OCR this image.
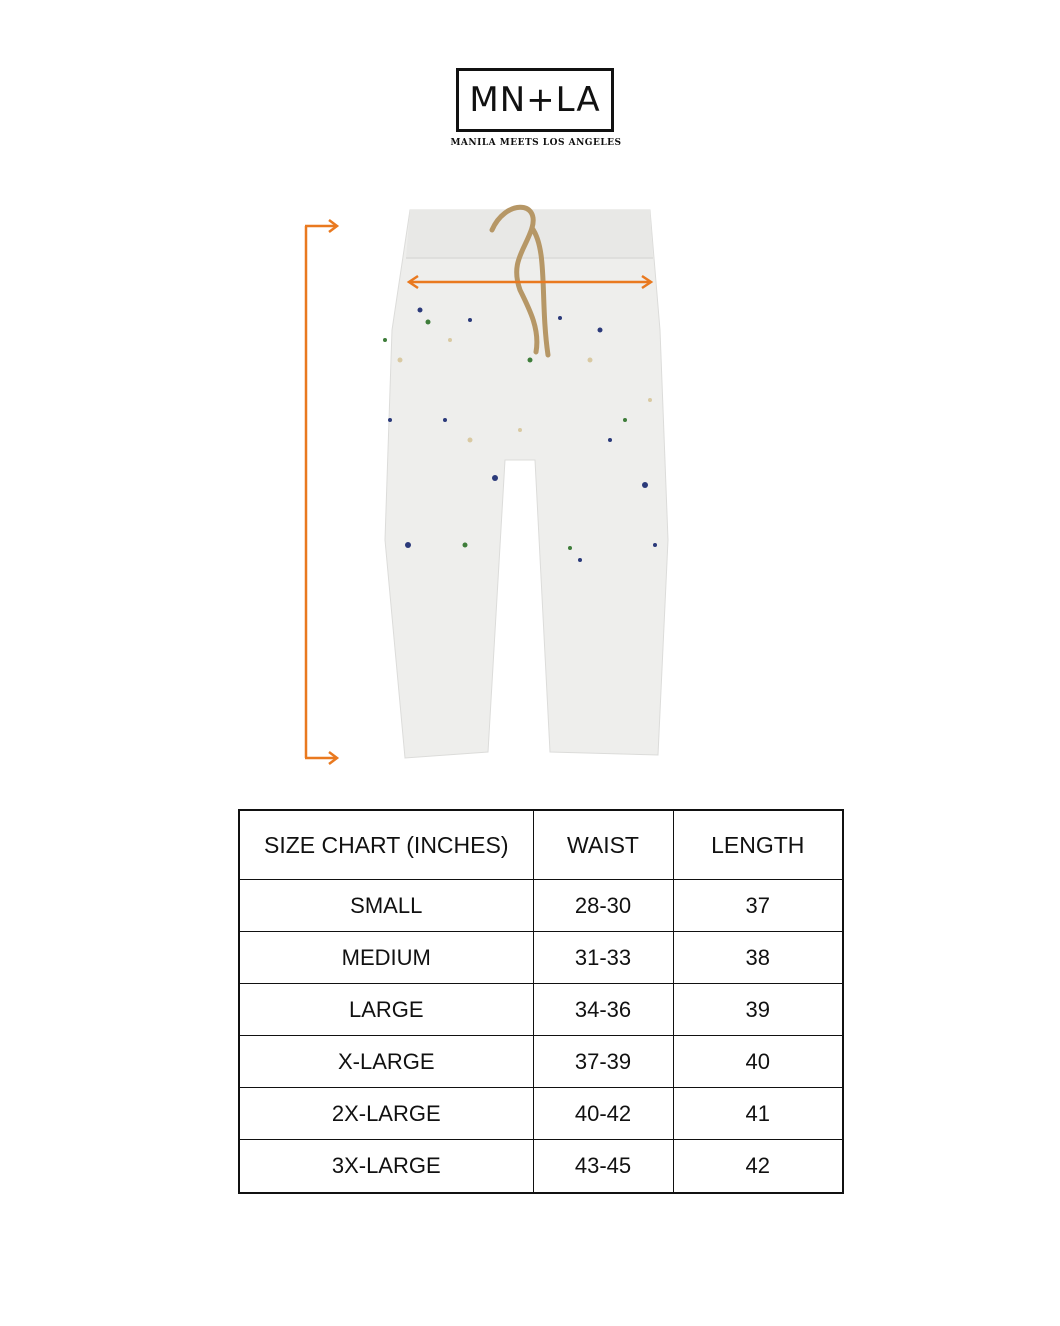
MN+LA
MANILA MEETS LOS ANGELES
SIZE CHART (INCHES)	WAIST	LENGTH
SMALL	28-30	37
MEDIUM	31-33	38
LARGE	34-36	39
X-LARGE	37-39	40
2X-LARGE	40-42	41
3X-LARGE	43-45	42
